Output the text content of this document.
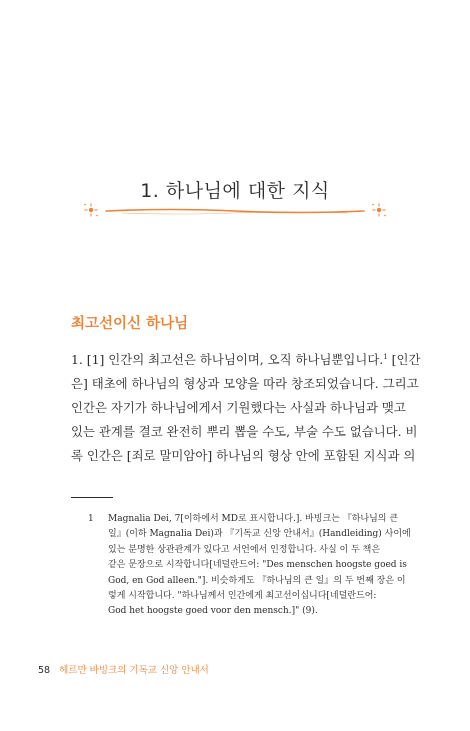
1. 하나님에 대한 지식
최고선이신 하나님
1. [1] 인간의 최고선은 하나님이며, 오직 하나님뿐입니다.$^1$ [인간
은] 태초에 하나님의 형상과 모양을 따라 창조되었습니다. 그리고
인간은 자기가 하나님에게서 기원했다는 사실과 하나님과 맺고
있는 관계를 결코 완전히 뿌리 뽑을 수도, 부술 수도 없습니다. 비
록 인간은 [죄로 말미암아] 하나님의 형상 안에 포함된 지식과 의
1 Magnalia Dei, 7[이하에서 MD로 표시합니다.]. 바빙크는 『하나님의 큰
일』(이하 Magnalia Dei)과 『기독교 신앙 안내서』(Handleiding) 사이에
있는 분명한 상관관계가 있다고 서언에서 인정합니다. 사실 이 두 책은
같은 문장으로 시작합니다[네덜란드어: "Des menschen hoogste goed is
God, en God alleen."]. 비슷하게도 『하나님의 큰 일』의 두 번째 장은 이
렇게 시작합니다. "하나님께서 인간에게 최고선이십니다[네덜란드어:
God het hoogste goed voor den mensch.]" (9).
58 헤르만 바빙크의 기독교 신앙 안내서
